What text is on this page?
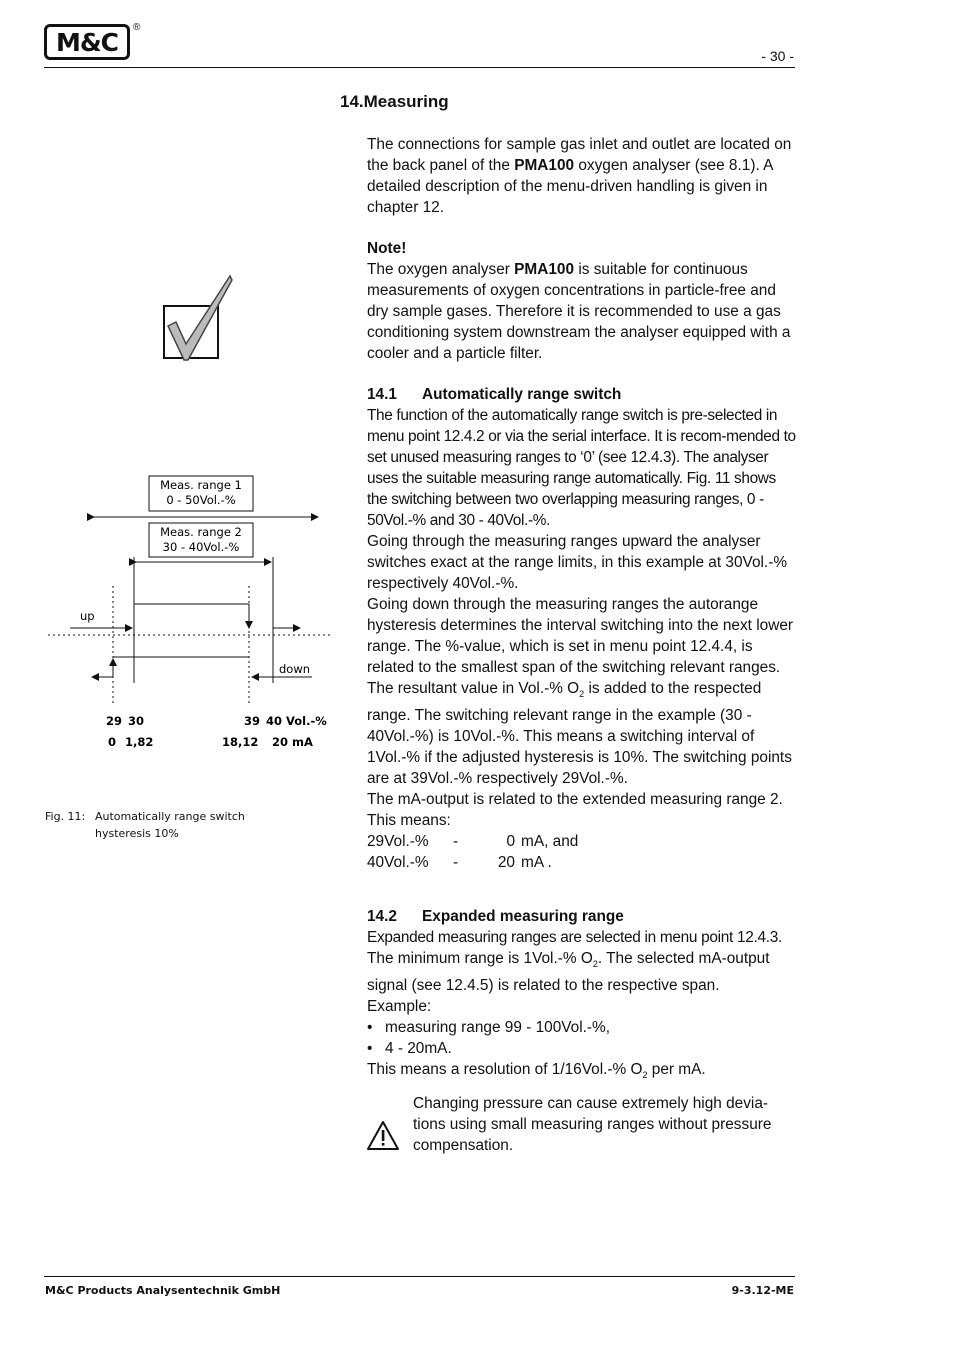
M&C ®
- 30 -
14.Measuring

The connections for sample gas inlet and outlet are located on the back panel of the PMA100 oxygen analyser (see 8.1). A detailed description of the menu-driven handling is given in chapter 12.

Note!

The oxygen analyser PMA100 is suitable for continuous measurements of oxygen concentrations in particle-free and dry sample gases. Therefore it is recommended to use a gas conditioning system downstream the analyser equipped with a cooler and a particle filter.

14.1 Automatically range switch

The function of the automatically range switch is pre-selected in menu point 12.4.2 or via the serial interface. It is recom-mended to set unused measuring ranges to ‘0’ (see 12.4.3). The analyser uses the suitable measuring range automatically. Fig. 11 shows the switching between two overlapping measuring ranges, 0 - 50Vol.-% and 30 - 40Vol.-%.

Going through the measuring ranges upward the analyser switches exact at the range limits, in this example at 30Vol.-% respectively 40Vol.-%.

Going down through the measuring ranges the autorange hysteresis determines the interval switching into the next lower range. The %-value, which is set in menu point 12.4.4, is related to the smallest span of the switching relevant ranges. The resultant value in Vol.-% $O_2$ is added to the respected range. The switching relevant range in the example (30 - 40Vol.-%) is 10Vol.-%. This means a switching interval of 1Vol.-% if the adjusted hysteresis is 10%. The switching points are at 39Vol.-% respectively 29Vol.-%.

The mA-output is related to the extended measuring range 2. This means:

29Vol.-%	-	0	mA, and
40Vol.-%	-	20	mA .

14.2 Expanded measuring range

Expanded measuring ranges are selected in menu point 12.4.3.

The minimum range is 1Vol.-% $O_2$. The selected mA-output signal (see 12.4.5) is related to the respective span.

Example:

• measuring range 99 - 100Vol.-%,
• 4 - 20mA.

This means a resolution of 1/16Vol.-% $O_2$ per mA.

Changing pressure can cause extremely high devia-tions using small measuring ranges without pressure compensation.
Meas. range 1
0 - 50Vol.-%
Meas. range 2
30 - 40Vol.-%
up
down
29 30	39 40 Vol.-%
0 1,82	18,12 20 mA
Fig. 11: Automatically range switch
hysteresis 10%
M&C Products Analysentechnik GmbH	9-3.12-ME
